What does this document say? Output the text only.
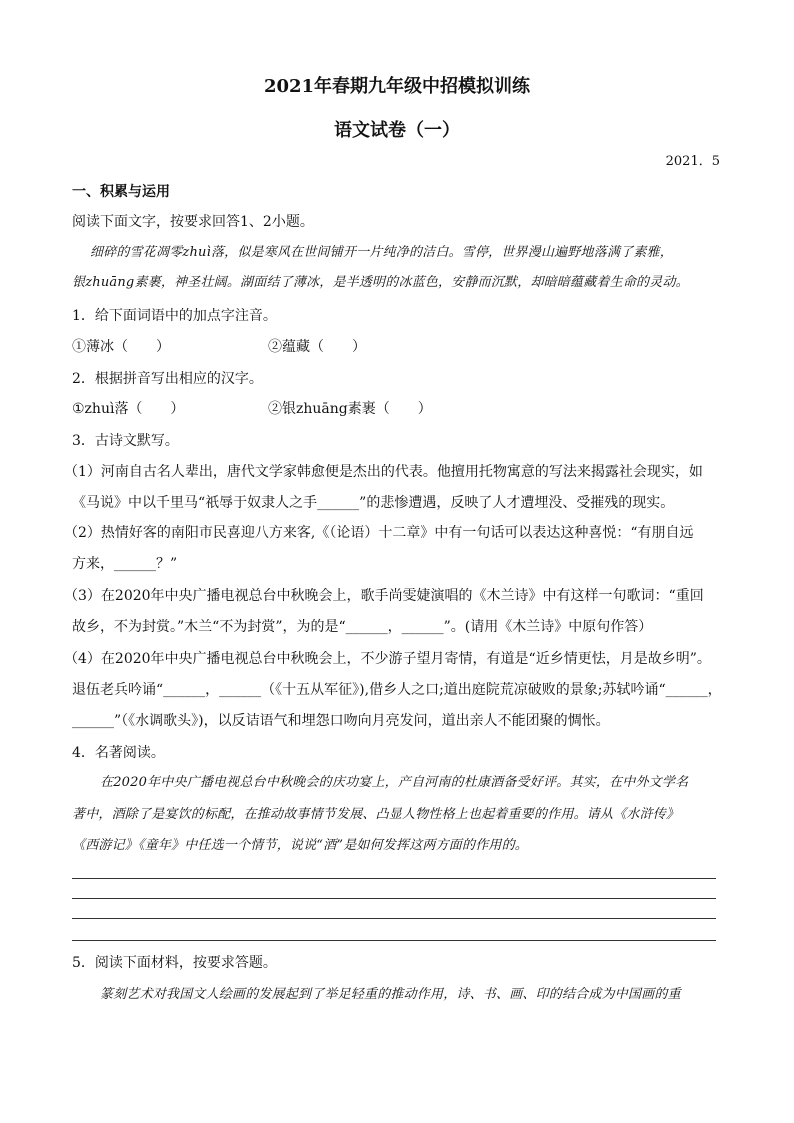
2021年春期九年级中招模拟训练
语文试卷（一）
2021．5
一、积累与运用
阅读下面文字，按要求回答1、2小题。
细碎的雪花凋零zhuì落，似是寒风在世间铺开一片纯净的洁白。雪停，世界漫山遍野地落满了素雅，
银zhuāng素裹，神圣壮阔。湖面结了薄冰，是半透明的冰蓝色，安静而沉默，却暗暗蕴藏着生命的灵动。
1．给下面词语中的加点字注音。
①薄冰（　　）	②蕴藏（　　）
2．根据拼音写出相应的汉字。
①zhuì落（　　）	②银zhuāng素裹（　　）
3．古诗文默写。
（1）河南自古名人辈出，唐代文学家韩愈便是杰出的代表。他擅用托物寓意的写法来揭露社会现实，如
《马说》中以千里马“祇辱于奴隶人之手______”的悲惨遭遇，反映了人才遭埋没、受摧残的现实。
（2）热情好客的南阳市民喜迎八方来客,《（论语）十二章》中有一句话可以表达这种喜悦：“有朋自远
方来，______？”
（3）在2020年中央广播电视总台中秋晚会上，歌手尚雯婕演唱的《木兰诗》中有这样一句歌词：“重回
故乡，不为封赏。”木兰“不为封赏”，为的是“______，______”。(请用《木兰诗》中原句作答）
（4）在2020年中央广播电视总台中秋晚会上，不少游子望月寄情，有道是“近乡情更怯，月是故乡明”。
退伍老兵吟诵“______，______（《十五从军征》),借乡人之口;道出庭院荒凉破败的景象;苏轼吟诵“______，
______”（《水调歌头》)，以反诘语气和埋怨口吻向月亮发问，道出亲人不能团聚的惆怅。
4．名著阅读。
在2020年中央广播电视总台中秋晚会的庆功宴上，产自河南的杜康酒备受好评。其实，在中外文学名
著中，酒除了是宴饮的标配，在推动故事情节发展、凸显人物性格上也起着重要的作用。请从《水浒传》
《西游记》《童年》中任选一个情节，说说“酒”是如何发挥这两方面的作用的。
5．阅读下面材料，按要求答题。
篆刻艺术对我国文人绘画的发展起到了举足轻重的推动作用，诗、书、画、印的结合成为中国画的重
